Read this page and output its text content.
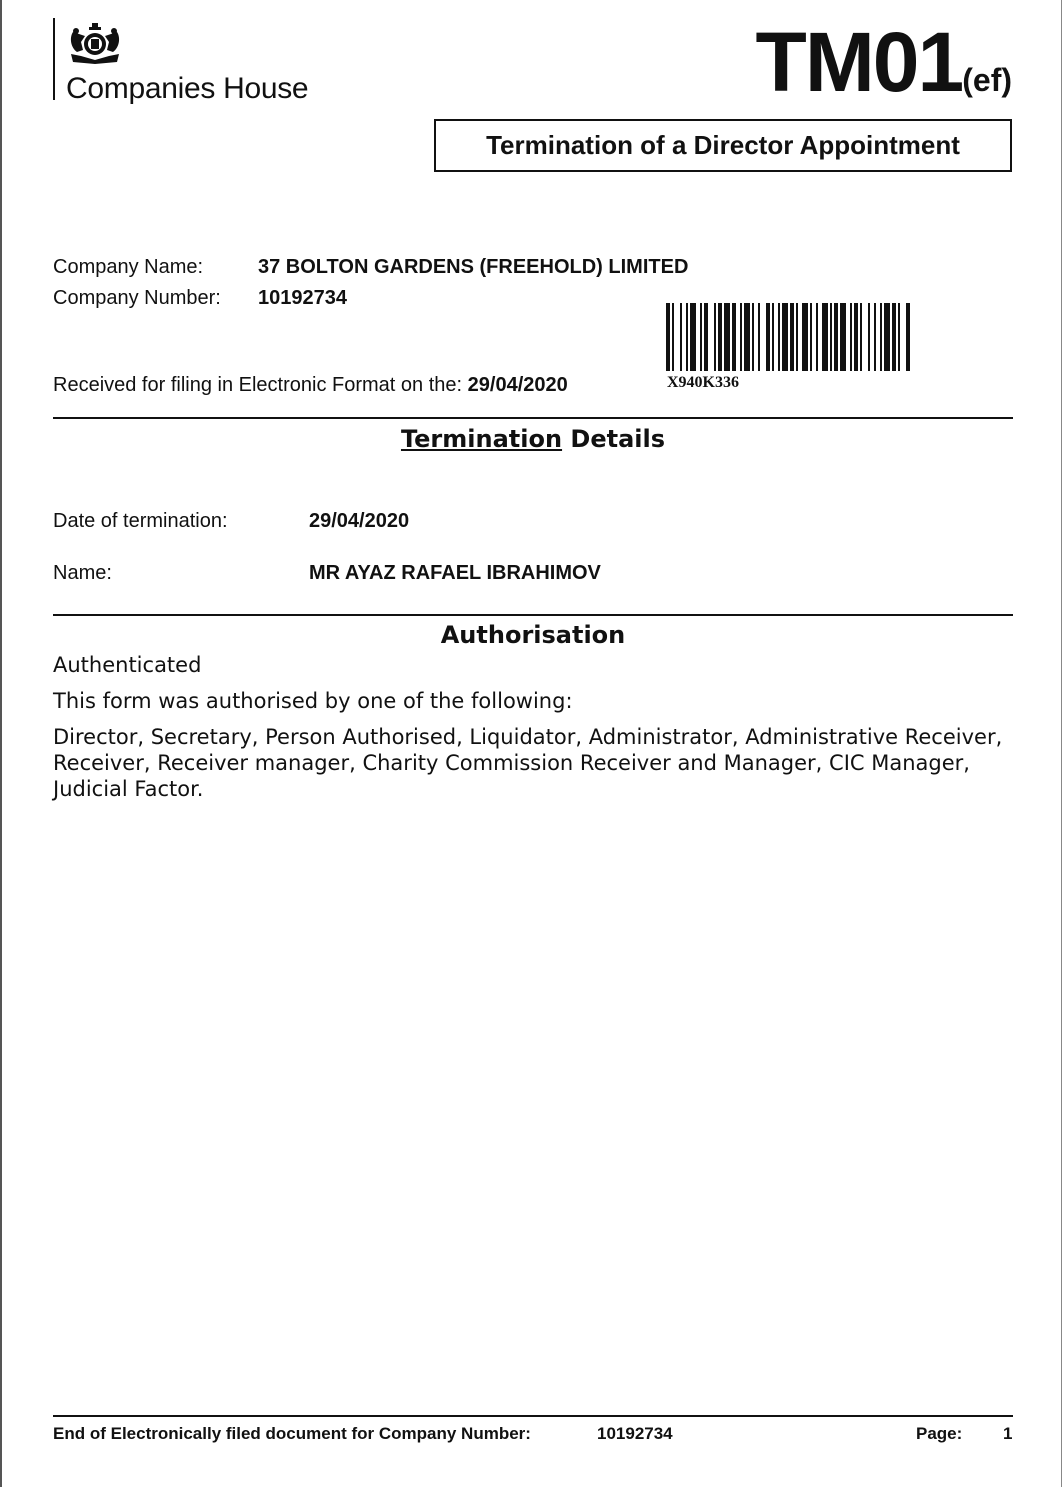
Companies House	TM01(ef)
Termination of a Director Appointment
Company Name:	37 BOLTON GARDENS (FREEHOLD) LIMITED
Company Number: 10192734
Received for filing in Electronic Format on the: 29/04/2020	X940K336
Termination Details
Date of termination:	29/04/2020
Name:	MR AYAZ RAFAEL IBRAHIMOV
Authorisation
Authenticated
This form was authorised by one of the following:
Director, Secretary, Person Authorised, Liquidator, Administrator, Administrative Receiver, Receiver, Receiver manager, Charity Commission Receiver and Manager, CIC Manager, Judicial Factor.
End of Electronically filed document for Company Number:	10192734	Page: 1
